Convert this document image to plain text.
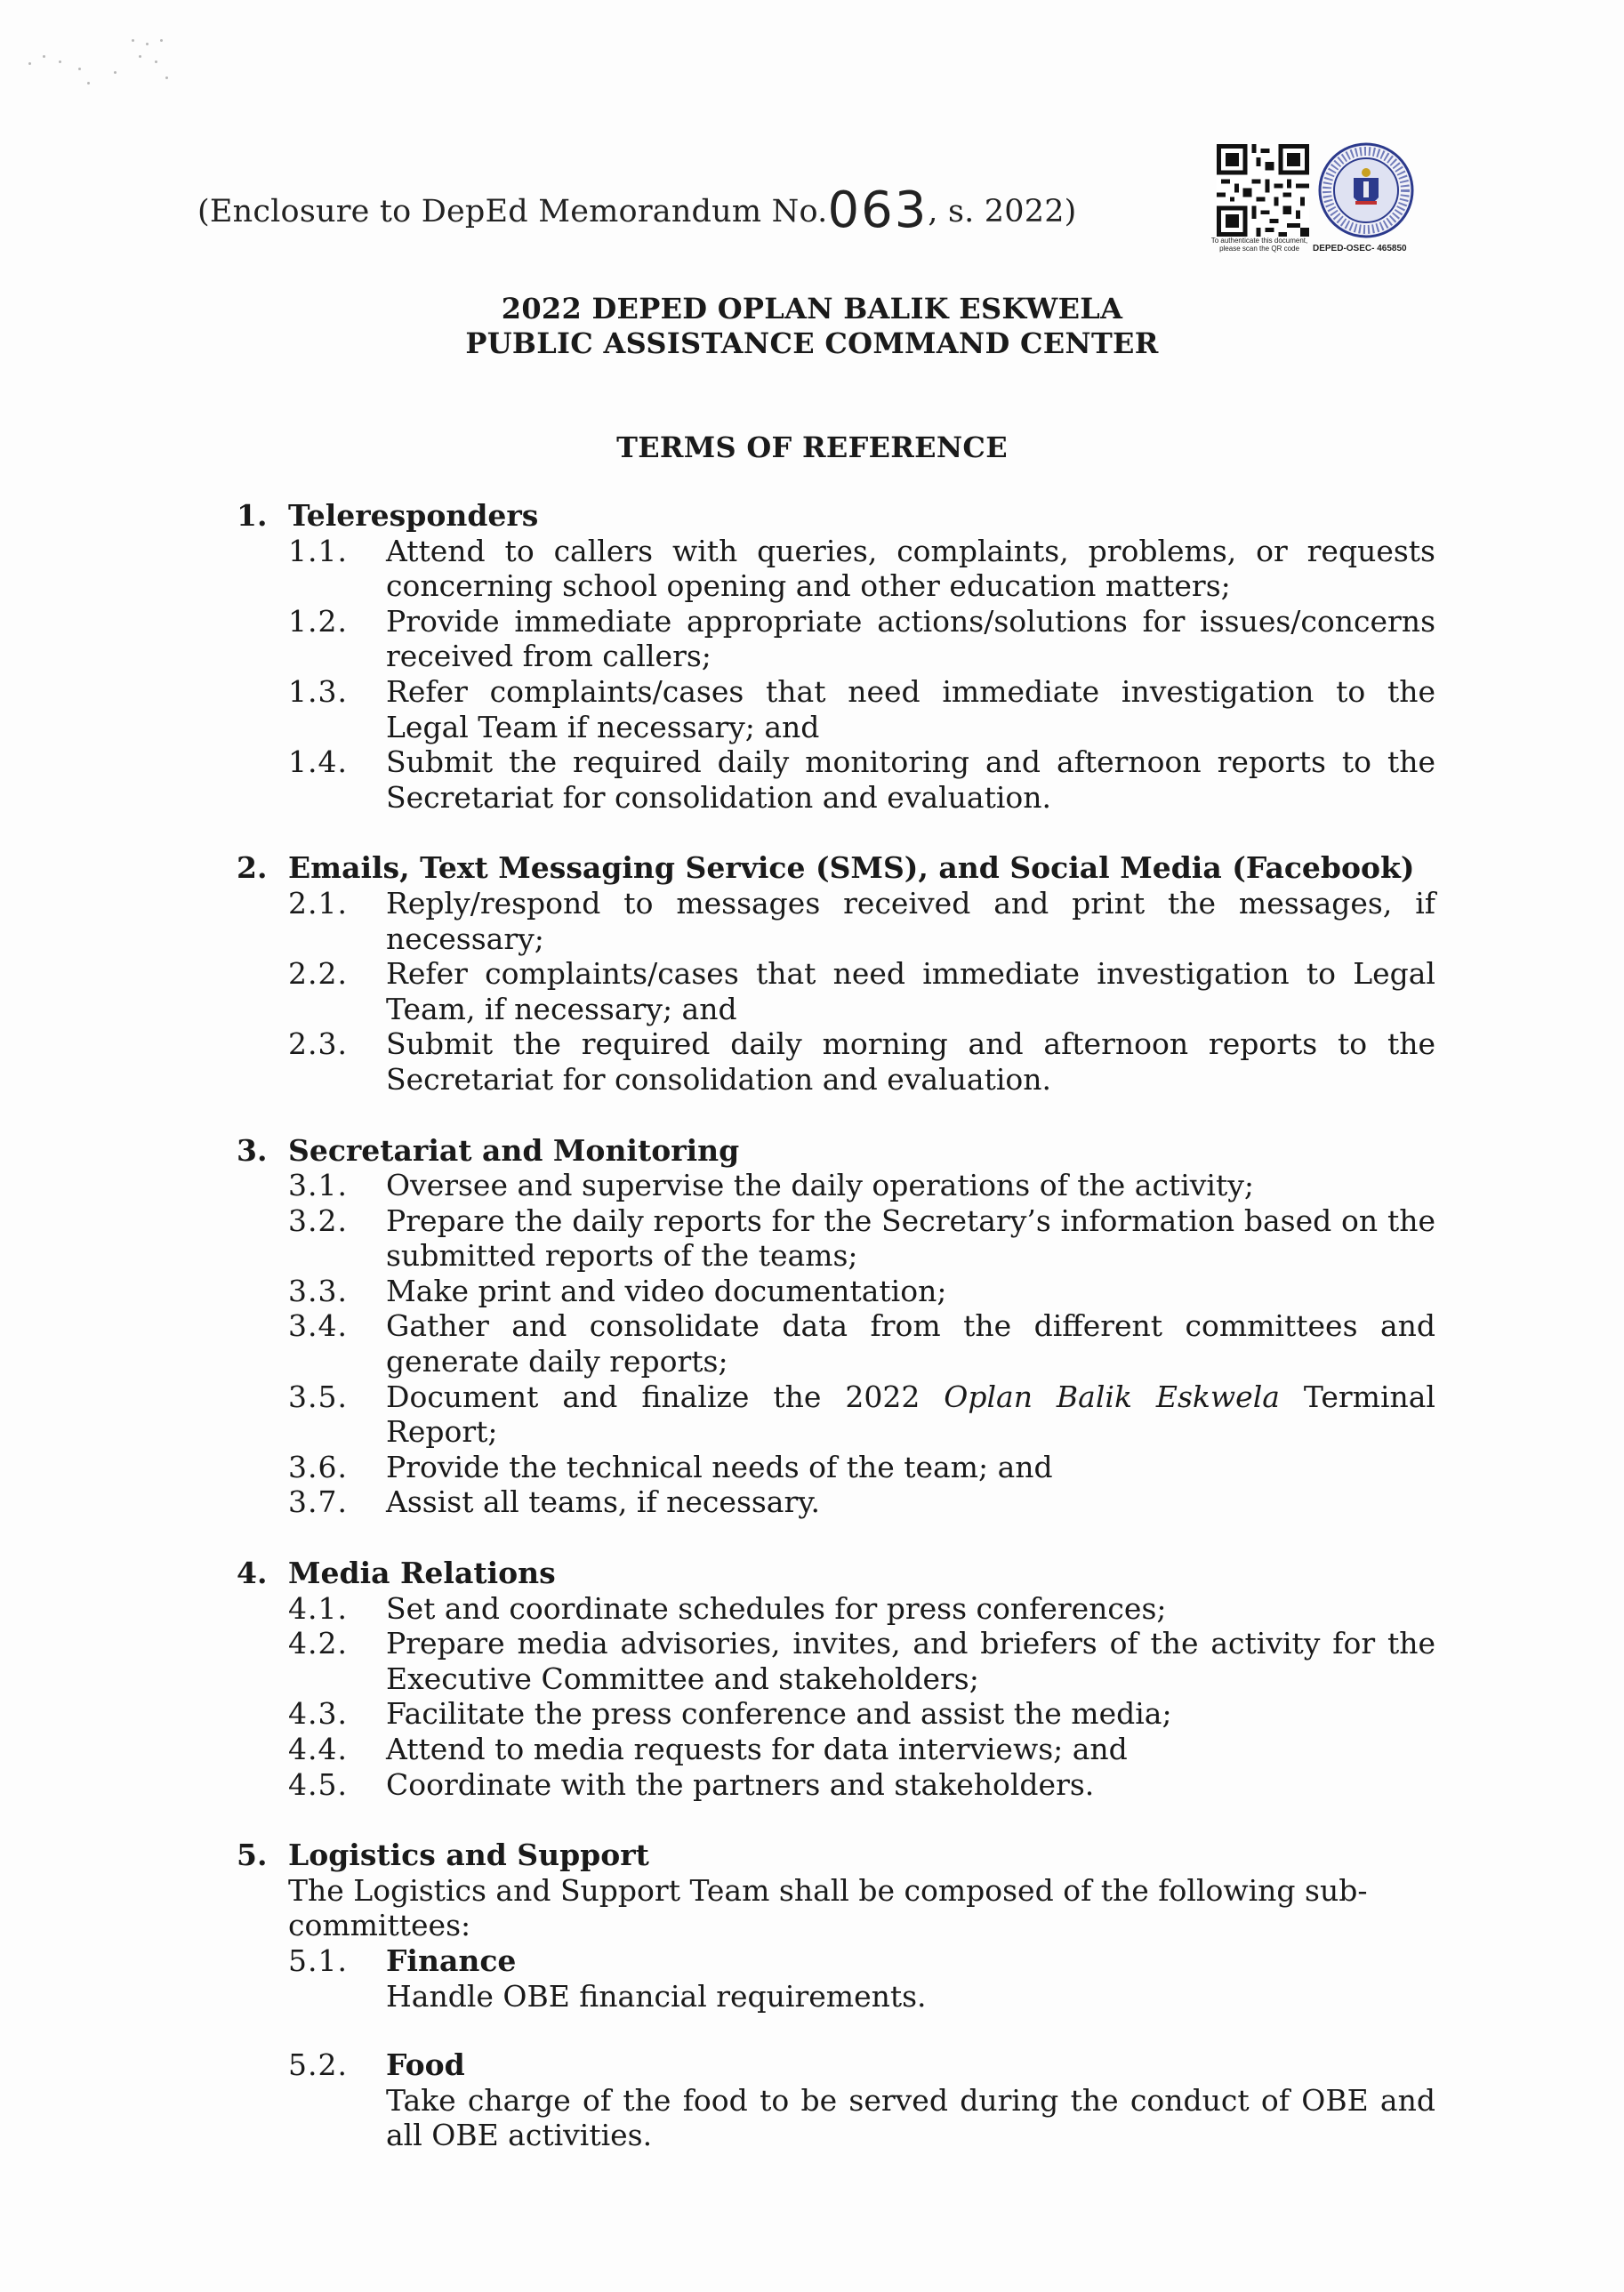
(Enclosure to DepEd Memorandum No.063, s. 2022)
To authenticate this document, please scan the QR code	DEPED-OSEC- 465850
2022 DEPED OPLAN BALIK ESKWELA
PUBLIC ASSISTANCE COMMAND CENTER
TERMS OF REFERENCE
1. Teleresponders
1.1.	Attend to callers with queries, complaints, problems, or requests concerning school opening and other education matters;
1.2.	Provide immediate appropriate actions/solutions for issues/concerns received from callers;
1.3.	Refer complaints/cases that need immediate investigation to the Legal Team if necessary; and
1.4.	Submit the required daily monitoring and afternoon reports to the Secretariat for consolidation and evaluation.
2. Emails, Text Messaging Service (SMS), and Social Media (Facebook)
2.1.	Reply/respond to messages received and print the messages, if necessary;
2.2.	Refer complaints/cases that need immediate investigation to Legal Team, if necessary; and
2.3.	Submit the required daily morning and afternoon reports to the Secretariat for consolidation and evaluation.
3. Secretariat and Monitoring
3.1.	Oversee and supervise the daily operations of the activity;
3.2.	Prepare the daily reports for the Secretary’s information based on the submitted reports of the teams;
3.3.	Make print and video documentation;
3.4.	Gather and consolidate data from the different committees and generate daily reports;
3.5.	Document and finalize the 2022 Oplan Balik Eskwela Terminal Report;
3.6.	Provide the technical needs of the team; and
3.7.	Assist all teams, if necessary.
4. Media Relations
4.1.	Set and coordinate schedules for press conferences;
4.2.	Prepare media advisories, invites, and briefers of the activity for the Executive Committee and stakeholders;
4.3.	Facilitate the press conference and assist the media;
4.4.	Attend to media requests for data interviews; and
4.5.	Coordinate with the partners and stakeholders.
5. Logistics and Support
The Logistics and Support Team shall be composed of the following sub-committees:
5.1.	Finance
Handle OBE financial requirements.
5.2.	Food
Take charge of the food to be served during the conduct of OBE and all OBE activities.
